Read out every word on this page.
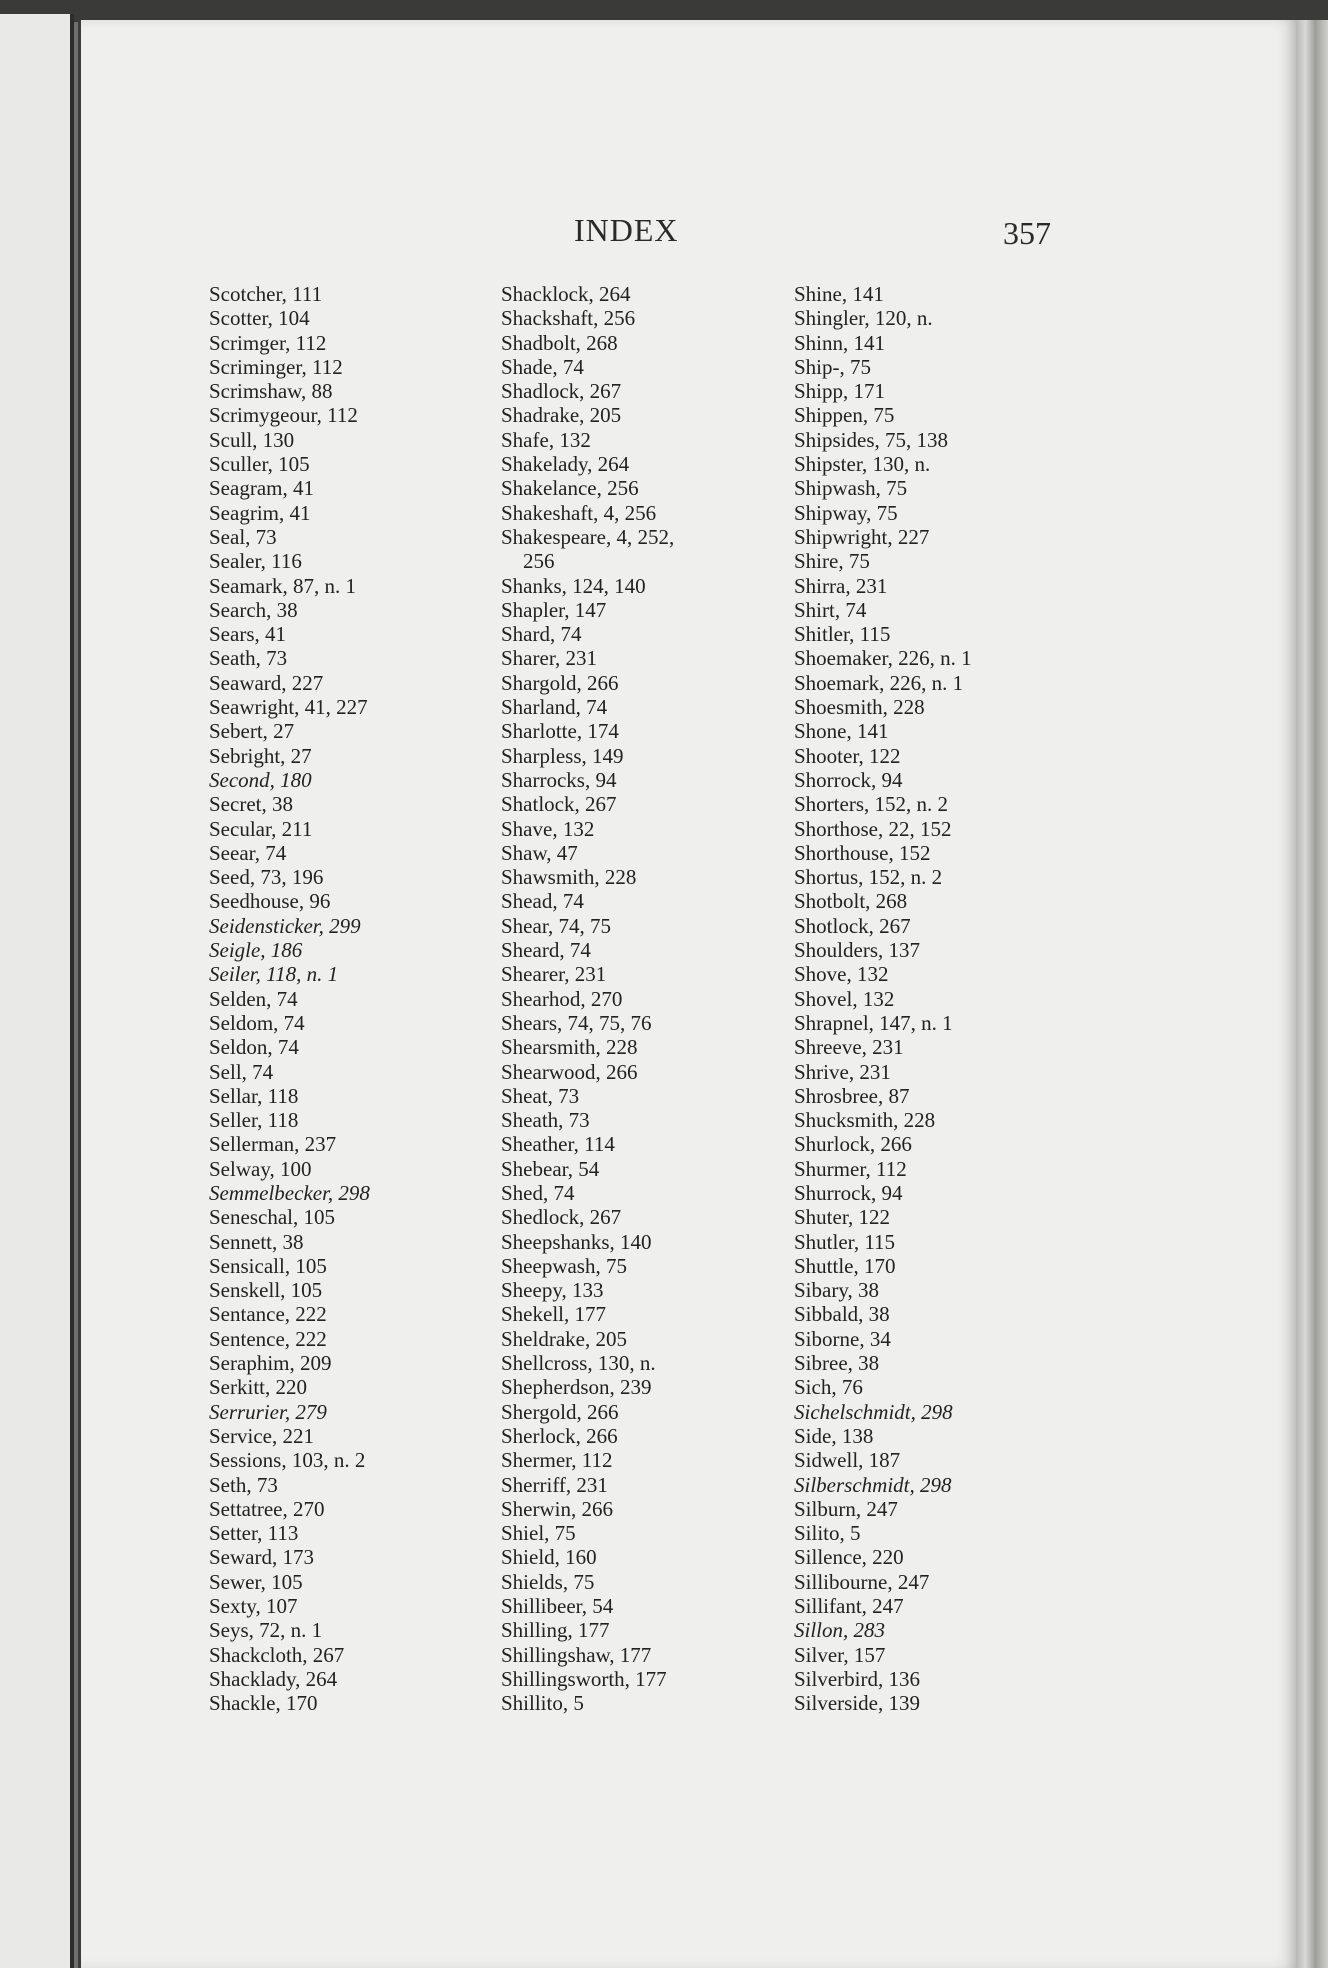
INDEX	357
Scotcher, 111
Scotter, 104
Scrimger, 112
Scriminger, 112
Scrimshaw, 88
Scrimygeour, 112
Scull, 130
Sculler, 105
Seagram, 41
Seagrim, 41
Seal, 73
Sealer, 116
Seamark, 87, n. 1
Search, 38
Sears, 41
Seath, 73
Seaward, 227
Seawright, 41, 227
Sebert, 27
Sebright, 27
Second, 180
Secret, 38
Secular, 211
Seear, 74
Seed, 73, 196
Seedhouse, 96
Seidensticker, 299
Seigle, 186
Seiler, 118, n. 1
Selden, 74
Seldom, 74
Seldon, 74
Sell, 74
Sellar, 118
Seller, 118
Sellerman, 237
Selway, 100
Semmelbecker, 298
Seneschal, 105
Sennett, 38
Sensicall, 105
Senskell, 105
Sentance, 222
Sentence, 222
Seraphim, 209
Serkitt, 220
Serrurier, 279
Service, 221
Sessions, 103, n. 2
Seth, 73
Settatree, 270
Setter, 113
Seward, 173
Sewer, 105
Sexty, 107
Seys, 72, n. 1
Shackcloth, 267
Shacklady, 264
Shackle, 170
Shacklock, 264
Shackshaft, 256
Shadbolt, 268
Shade, 74
Shadlock, 267
Shadrake, 205
Shafe, 132
Shakelady, 264
Shakelance, 256
Shakeshaft, 4, 256
Shakespeare, 4, 252,
256
Shanks, 124, 140
Shapler, 147
Shard, 74
Sharer, 231
Shargold, 266
Sharland, 74
Sharlotte, 174
Sharpless, 149
Sharrocks, 94
Shatlock, 267
Shave, 132
Shaw, 47
Shawsmith, 228
Shead, 74
Shear, 74, 75
Sheard, 74
Shearer, 231
Shearhod, 270
Shears, 74, 75, 76
Shearsmith, 228
Shearwood, 266
Sheat, 73
Sheath, 73
Sheather, 114
Shebear, 54
Shed, 74
Shedlock, 267
Sheepshanks, 140
Sheepwash, 75
Sheepy, 133
Shekell, 177
Sheldrake, 205
Shellcross, 130, n.
Shepherdson, 239
Shergold, 266
Sherlock, 266
Shermer, 112
Sherriff, 231
Sherwin, 266
Shiel, 75
Shield, 160
Shields, 75
Shillibeer, 54
Shilling, 177
Shillingshaw, 177
Shillingsworth, 177
Shillito, 5
Shine, 141
Shingler, 120, n.
Shinn, 141
Ship-, 75
Shipp, 171
Shippen, 75
Shipsides, 75, 138
Shipster, 130, n.
Shipwash, 75
Shipway, 75
Shipwright, 227
Shire, 75
Shirra, 231
Shirt, 74
Shitler, 115
Shoemaker, 226, n. 1
Shoemark, 226, n. 1
Shoesmith, 228
Shone, 141
Shooter, 122
Shorrock, 94
Shorters, 152, n. 2
Shorthose, 22, 152
Shorthouse, 152
Shortus, 152, n. 2
Shotbolt, 268
Shotlock, 267
Shoulders, 137
Shove, 132
Shovel, 132
Shrapnel, 147, n. 1
Shreeve, 231
Shrive, 231
Shrosbree, 87
Shucksmith, 228
Shurlock, 266
Shurmer, 112
Shurrock, 94
Shuter, 122
Shutler, 115
Shuttle, 170
Sibary, 38
Sibbald, 38
Siborne, 34
Sibree, 38
Sich, 76
Sichelschmidt, 298
Side, 138
Sidwell, 187
Silberschmidt, 298
Silburn, 247
Silito, 5
Sillence, 220
Sillibourne, 247
Sillifant, 247
Sillon, 283
Silver, 157
Silverbird, 136
Silverside, 139
